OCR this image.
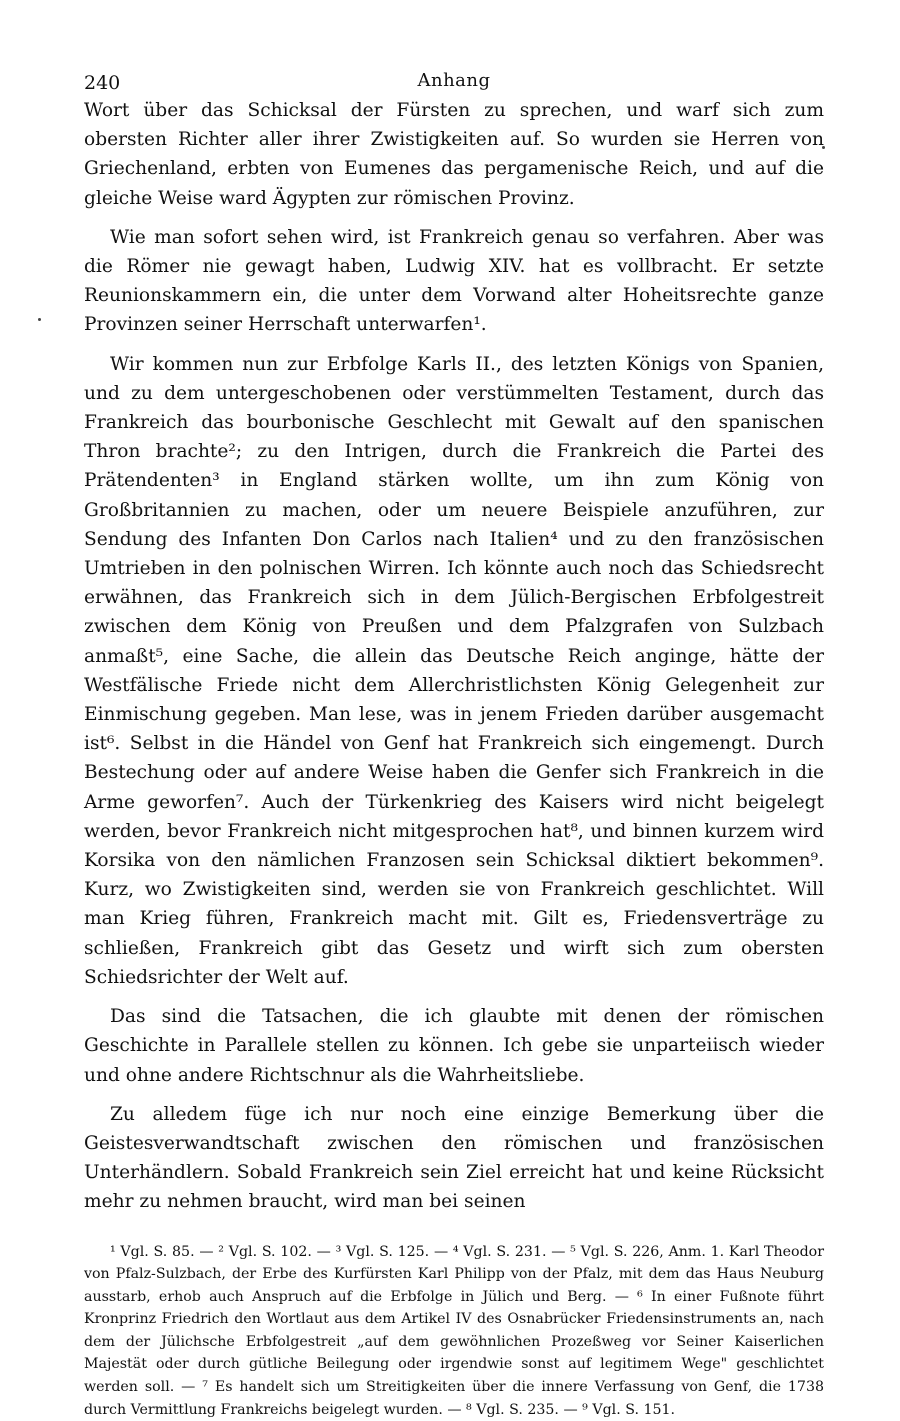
240	Anhang

Wort über das Schicksal der Fürsten zu sprechen, und warf sich zum obersten Richter aller ihrer Zwistigkeiten auf. So wurden sie Herren von Griechenland, erbten von Eumenes das pergamenische Reich, und auf die gleiche Weise ward Ägypten zur römischen Provinz.

Wie man sofort sehen wird, ist Frankreich genau so verfahren. Aber was die Römer nie gewagt haben, Ludwig XIV. hat es vollbracht. Er setzte Reunionskammern ein, die unter dem Vorwand alter Hoheitsrechte ganze Provinzen seiner Herrschaft unterwarfen¹.

Wir kommen nun zur Erbfolge Karls II., des letzten Königs von Spanien, und zu dem untergeschobenen oder verstümmelten Testament, durch das Frankreich das bourbonische Geschlecht mit Gewalt auf den spanischen Thron brachte²; zu den Intrigen, durch die Frankreich die Partei des Prätendenten³ in England stärken wollte, um ihn zum König von Großbritannien zu machen, oder um neuere Beispiele anzuführen, zur Sendung des Infanten Don Carlos nach Italien⁴ und zu den französischen Umtrieben in den polnischen Wirren. Ich könnte auch noch das Schiedsrecht erwähnen, das Frankreich sich in dem Jülich-Bergischen Erbfolgestreit zwischen dem König von Preußen und dem Pfalzgrafen von Sulzbach anmaßt⁵, eine Sache, die allein das Deutsche Reich anginge, hätte der Westfälische Friede nicht dem Allerchristlichsten König Gelegenheit zur Einmischung gegeben. Man lese, was in jenem Frieden darüber ausgemacht ist⁶. Selbst in die Händel von Genf hat Frankreich sich eingemengt. Durch Bestechung oder auf andere Weise haben die Genfer sich Frankreich in die Arme geworfen⁷. Auch der Türkenkrieg des Kaisers wird nicht beigelegt werden, bevor Frankreich nicht mitgesprochen hat⁸, und binnen kurzem wird Korsika von den nämlichen Franzosen sein Schicksal diktiert bekommen⁹. Kurz, wo Zwistigkeiten sind, werden sie von Frankreich geschlichtet. Will man Krieg führen, Frankreich macht mit. Gilt es, Friedensverträge zu schließen, Frankreich gibt das Gesetz und wirft sich zum obersten Schiedsrichter der Welt auf.

Das sind die Tatsachen, die ich glaubte mit denen der römischen Geschichte in Parallele stellen zu können. Ich gebe sie unparteiisch wieder und ohne andere Richtschnur als die Wahrheitsliebe.

Zu alledem füge ich nur noch eine einzige Bemerkung über die Geistesverwandtschaft zwischen den römischen und französischen Unterhändlern. Sobald Frankreich sein Ziel erreicht hat und keine Rücksicht mehr zu nehmen braucht, wird man bei seinen

¹ Vgl. S. 85. — ² Vgl. S. 102. — ³ Vgl. S. 125. — ⁴ Vgl. S. 231. — ⁵ Vgl. S. 226, Anm. 1. Karl Theodor von Pfalz-Sulzbach, der Erbe des Kurfürsten Karl Philipp von der Pfalz, mit dem das Haus Neuburg ausstarb, erhob auch Anspruch auf die Erbfolge in Jülich und Berg. — ⁶ In einer Fußnote führt Kronprinz Friedrich den Wortlaut aus dem Artikel IV des Osnabrücker Friedensinstruments an, nach dem der Jülichsche Erbfolgestreit „auf dem gewöhnlichen Prozeßweg vor Seiner Kaiserlichen Majestät oder durch gütliche Beilegung oder irgendwie sonst auf legitimem Wege" geschlichtet werden soll. — ⁷ Es handelt sich um Streitigkeiten über die innere Verfassung von Genf, die 1738 durch Vermittlung Frankreichs beigelegt wurden. — ⁸ Vgl. S. 235. — ⁹ Vgl. S. 151.
